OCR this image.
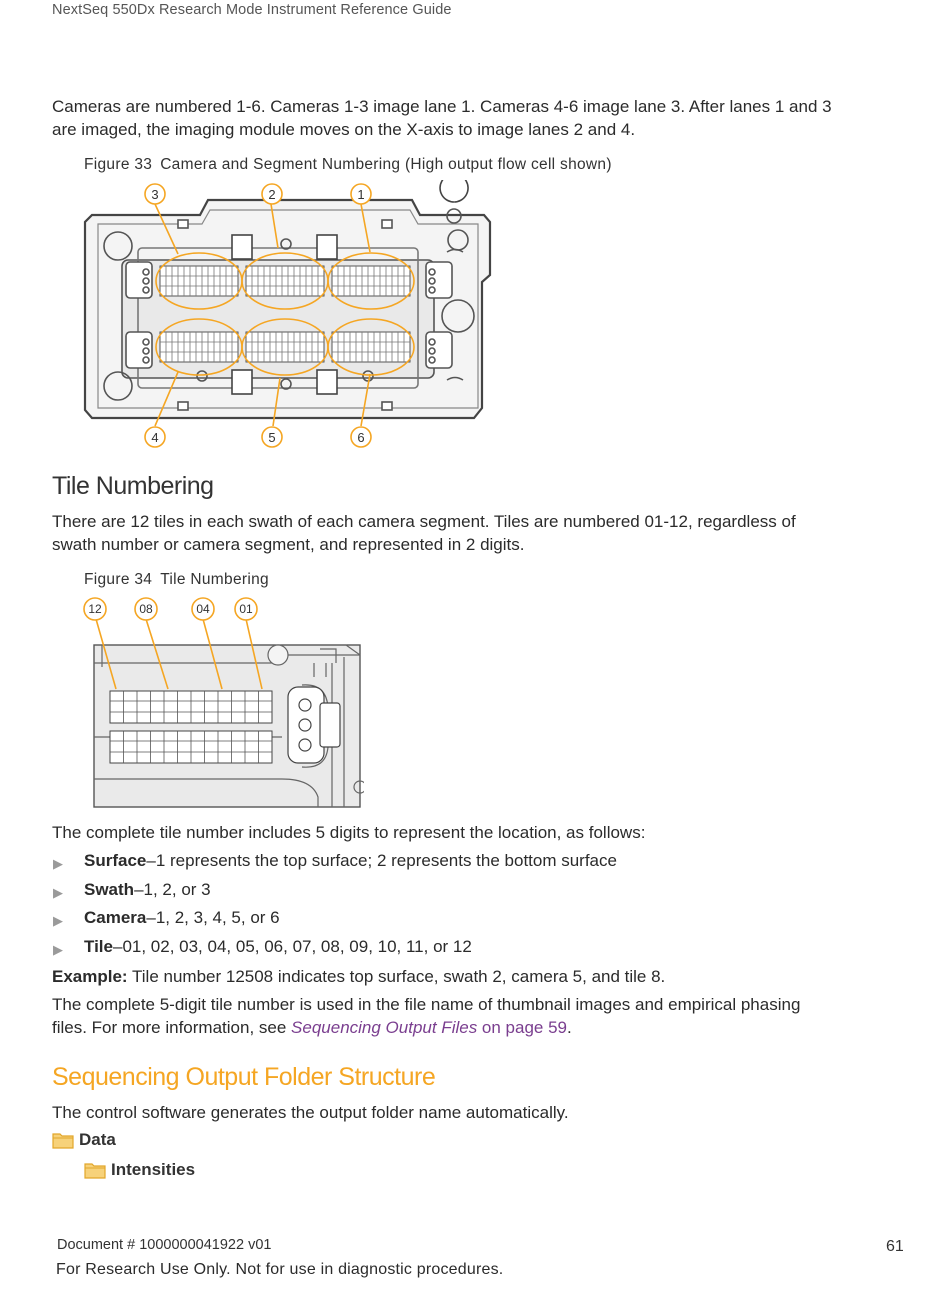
NextSeq 550Dx Research Mode Instrument Reference Guide
Cameras are numbered 1-6. Cameras 1-3 image lane 1. Cameras 4-6 image lane 3. After lanes 1 and 3
are imaged, the imaging module moves on the X-axis to image lanes 2 and 4.
Figure 33 Camera and Segment Numbering (High output flow cell shown)
3	2	1
4	5	6
Tile Numbering
There are 12 tiles in each swath of each camera segment. Tiles are numbered 01-12, regardless of
swath number or camera segment, and represented in 2 digits.
Figure 34 Tile Numbering
12	08	04 01
The complete tile number includes 5 digits to represent the location, as follows:
▶ Surface–1 represents the top surface; 2 represents the bottom surface
▶ Swath–1, 2, or 3
▶ Camera–1, 2, 3, 4, 5, or 6
▶ Tile–01, 02, 03, 04, 05, 06, 07, 08, 09, 10, 11, or 12
Example: Tile number 12508 indicates top surface, swath 2, camera 5, and tile 8.
The complete 5-digit tile number is used in the file name of thumbnail images and empirical phasing
files. For more information, see Sequencing Output Files on page 59.
Sequencing Output Folder Structure
The control software generates the output folder name automatically.
Data
Intensities
Document # 1000000041922 v01	61
For Research Use Only. Not for use in diagnostic procedures.
